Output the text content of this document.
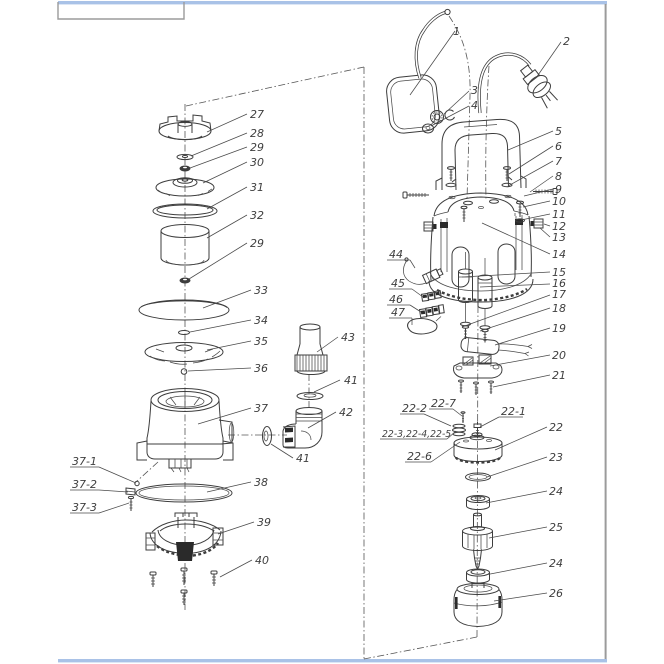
1
2
3
4
5
6
7
8
9
10
11
12
13
14
15
16
17
18
19
20
21
22
23
24
25
24
26
27
28
29
30
31
32
29
33
34
35
36
37
38
39
40
43
41
42
41
37-1
37-2
37-3
44
45
46
47
22-2 22-7
22-1
22-3,22-4,22-5
22-6
